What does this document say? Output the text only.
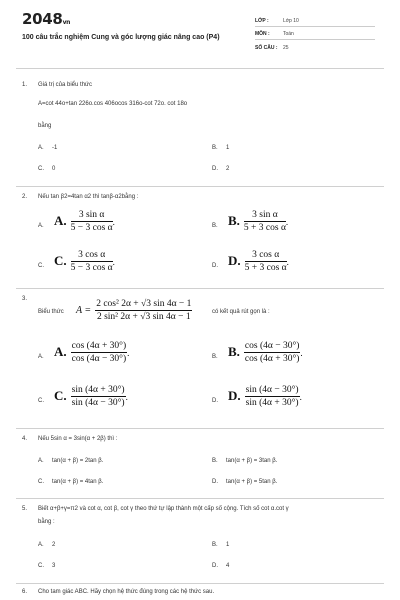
2048vn
100 câu trắc nghiệm Cung và góc lượng giác nâng cao (P4)
LỚP :	Lớp 10
MÔN :	Toán
SỐ CÂU : 25
1. Giá trị của biểu thức
A=cot 44o+tan 226o.cos 406ocos 316o-cot 72o. cot 18o
bằng
A. -1	B. 1
C. 0	D. 2
2. Nếu tan β2=4tan α2 thì tanβ-α2bằng :
A. A. $\frac{\text{3 sin α}}{\text{5 − 3 cos α}}$ .	B. B. $\frac{\text{3 sin α}}{\text{5 + 3 cos α}}$ .
C. C. $\frac{\text{3 cos α}}{\text{5 − 3 cos α}}$ .	D. D. $\frac{\text{3 cos α}}{\text{5 + 3 cos α}}$ .
3.
Biểu thức $A = \frac{\text{2 cos² 2α + √3 sin 4α − 1}}{\text{2 sin² 2α + √3 sin 4α − 1}}$	có kết quả rút gọn là :
A. A. $\frac{\cos (4\alpha + 30^\circ)}{\cos (4\alpha - 30^\circ)}$ .	B. B. $\frac{\cos (4\alpha - 30^\circ)}{\cos (4\alpha + 30^\circ)}$ .
C. C. $\frac{\sin (4\alpha + 30^\circ)}{\sin (4\alpha - 30^\circ)}$ .	D. D. $\frac{\sin (4\alpha - 30^\circ)}{\sin (4\alpha + 30^\circ)}$ .
4. Nếu 5sin α = 3sin(α + 2β) thì :
A. tan(α + β) = 2tan β.	B. tan(α + β) = 3tan β.
C. tan(α + β) = 4tan β.	D. tan(α + β) = 5tan β.
5. Biết α+β+γ=π2 và cot α, cot β, cot γ theo thứ tự lập thành một cấp số cộng. Tích số cot α.cot γ
bằng :
A. 2	B. 1
C. 3	D. 4
6. Cho tam giác ABC. Hãy chọn hệ thức đúng trong các hệ thức sau.
